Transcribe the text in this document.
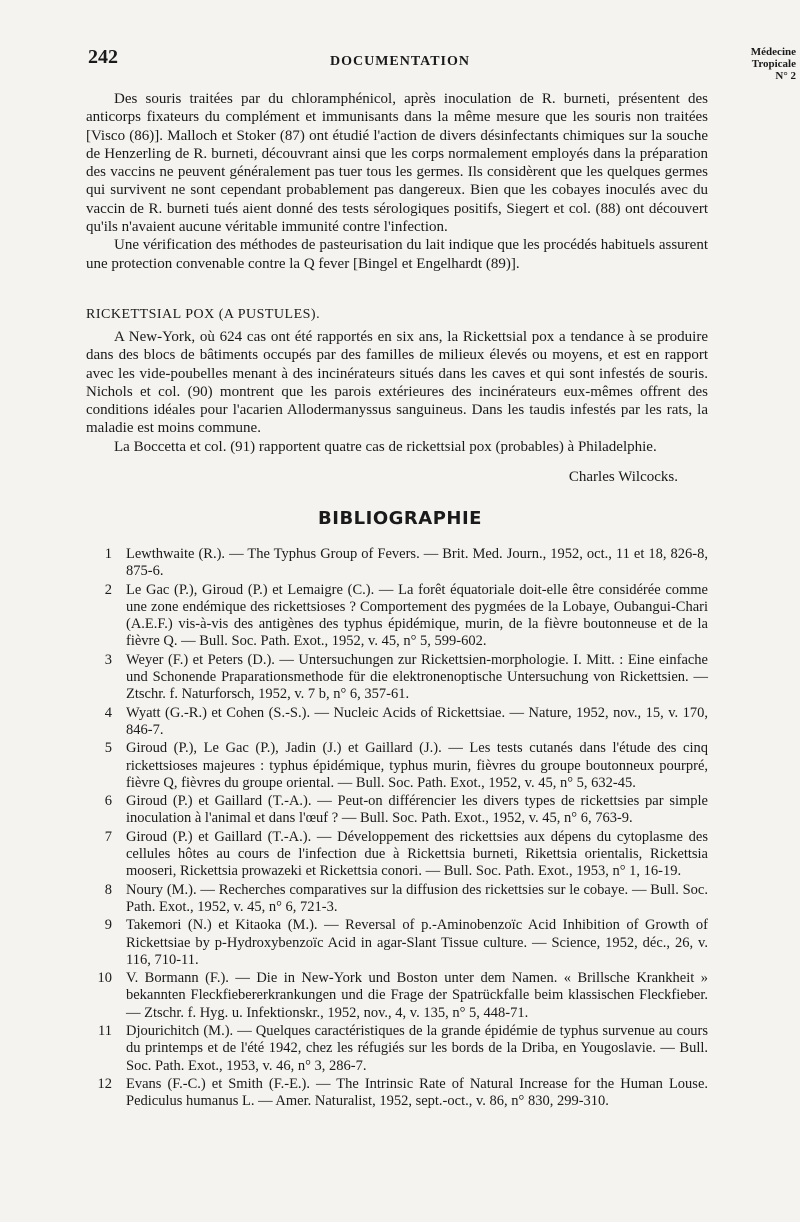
242	DOCUMENTATION
Médecine
Tropicale
N° 2

Des souris traitées par du chloramphénicol, après inoculation de R. burneti, présentent des anticorps fixateurs du complément et immunisants dans la même mesure que les souris non traitées [Visco (86)]. Malloch et Stoker (87) ont étudié l'action de divers désinfectants chimiques sur la souche de Henzerling de R. burneti, découvrant ainsi que les corps normalement employés dans la préparation des vaccins ne peuvent généralement pas tuer tous les germes. Ils considèrent que les quelques germes qui survivent ne sont cependant probablement pas dangereux. Bien que les cobayes inoculés avec du vaccin de R. burneti tués aient donné des tests sérologiques positifs, Siegert et col. (88) ont découvert qu'ils n'avaient aucune véritable immunité contre l'infection.

Une vérification des méthodes de pasteurisation du lait indique que les procédés habituels assurent une protection convenable contre la Q fever [Bingel et Engelhardt (89)].

RICKETTSIAL POX (A PUSTULES).

A New-York, où 624 cas ont été rapportés en six ans, la Rickettsial pox a tendance à se produire dans des blocs de bâtiments occupés par des familles de milieux élevés ou moyens, et est en rapport avec les vide-poubelles menant à des incinérateurs situés dans les caves et qui sont infestés de souris. Nichols et col. (90) montrent que les parois extérieures des incinérateurs eux-mêmes offrent des conditions idéales pour l'acarien Allodermanyssus sanguineus. Dans les taudis infestés par les rats, la maladie est moins commune.

La Boccetta et col. (91) rapportent quatre cas de rickettsial pox (probables) à Philadelphie.

Charles Wilcocks.
BIBLIOGRAPHIE
1 Lewthwaite (R.). — The Typhus Group of Fevers. — Brit. Med. Journ., 1952, oct., 11 et 18, 826-8, 875-6.
2 Le Gac (P.), Giroud (P.) et Lemaigre (C.). — La forêt équatoriale doit-elle être considérée comme une zone endémique des rickettsioses ? Comportement des pygmées de la Lobaye, Oubangui-Chari (A.E.F.) vis-à-vis des antigènes des typhus épidémique, murin, de la fièvre boutonneuse et de la fièvre Q. — Bull. Soc. Path. Exot., 1952, v. 45, n° 5, 599-602.
3 Weyer (F.) et Peters (D.). — Untersuchungen zur Rickettsien-morphologie. I. Mitt. : Eine einfache und Schonende Praparationsmethode für die elektronenoptische Untersuchung von Rickettsien. — Ztschr. f. Naturforsch, 1952, v. 7 b, n° 6, 357-61.
4 Wyatt (G.-R.) et Cohen (S.-S.). — Nucleic Acids of Rickettsiae. — Nature, 1952, nov., 15, v. 170, 846-7.
5 Giroud (P.), Le Gac (P.), Jadin (J.) et Gaillard (J.). — Les tests cutanés dans l'étude des cinq rickettsioses majeures : typhus épidémique, typhus murin, fièvres du groupe boutonneux pourpré, fièvre Q, fièvres du groupe oriental. — Bull. Soc. Path. Exot., 1952, v. 45, n° 5, 632-45.
6 Giroud (P.) et Gaillard (T.-A.). — Peut-on différencier les divers types de rickettsies par simple inoculation à l'animal et dans l'œuf ? — Bull. Soc. Path. Exot., 1952, v. 45, n° 6, 763-9.
7 Giroud (P.) et Gaillard (T.-A.). — Développement des rickettsies aux dépens du cytoplasme des cellules hôtes au cours de l'infection due à Rickettsia burneti, Rikettsia orientalis, Rickettsia mooseri, Rickettsia prowazeki et Rickettsia conori. — Bull. Soc. Path. Exot., 1953, n° 1, 16-19.
8 Noury (M.). — Recherches comparatives sur la diffusion des rickettsies sur le cobaye. — Bull. Soc. Path. Exot., 1952, v. 45, n° 6, 721-3.
9 Takemori (N.) et Kitaoka (M.). — Reversal of p.-Aminobenzoïc Acid Inhibition of Growth of Rickettsiae by p-Hydroxybenzoïc Acid in agar-Slant Tissue culture. — Science, 1952, déc., 26, v. 116, 710-11.
10 V. Bormann (F.). — Die in New-York und Boston unter dem Namen. « Brillsche Krankheit » bekannten Fleckfiebererkrankungen und die Frage der Spatrückfalle beim klassischen Fleckfieber. — Ztschr. f. Hyg. u. Infektionskr., 1952, nov., 4, v. 135, n° 5, 448-71.
11 Djourichitch (M.). — Quelques caractéristiques de la grande épidémie de typhus survenue au cours du printemps et de l'été 1942, chez les réfugiés sur les bords de la Driba, en Yougoslavie. — Bull. Soc. Path. Exot., 1953, v. 46, n° 3, 286-7.
12 Evans (F.-C.) et Smith (F.-E.). — The Intrinsic Rate of Natural Increase for the Human Louse. Pediculus humanus L. — Amer. Naturalist, 1952, sept.-oct., v. 86, n° 830, 299-310.
